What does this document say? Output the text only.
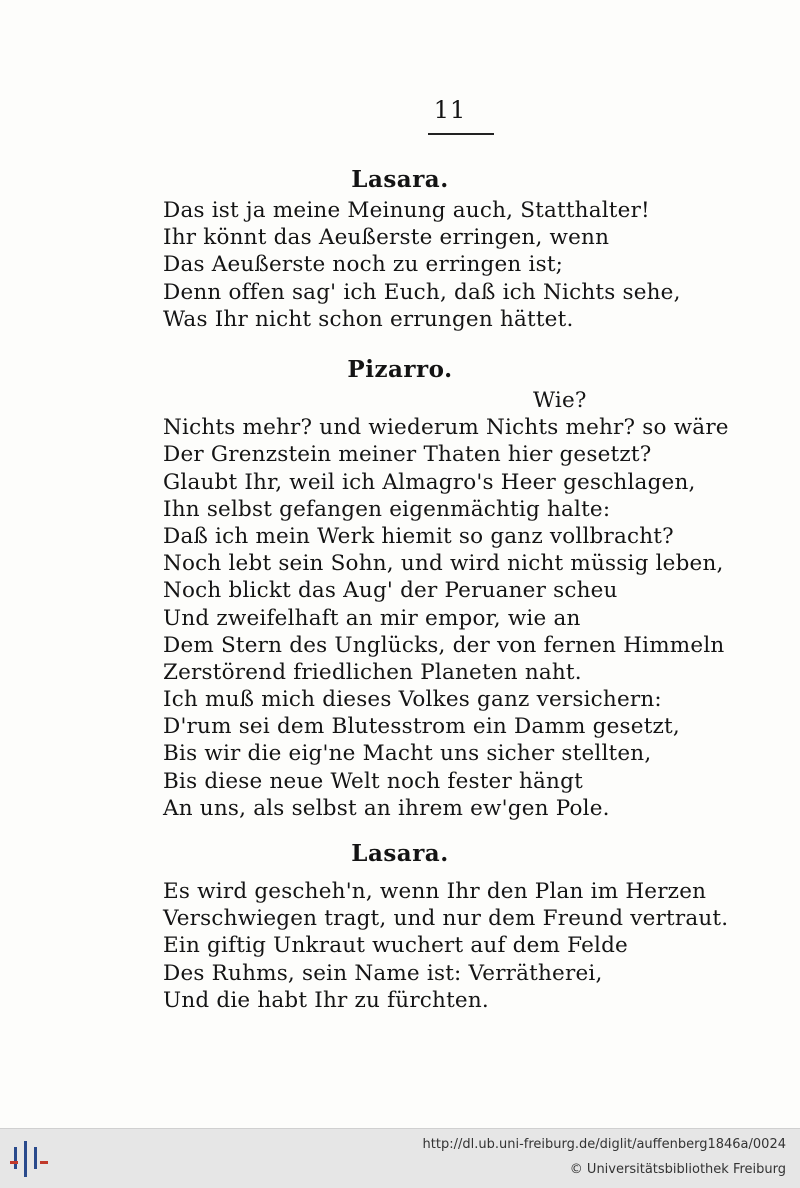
11
Lasara.
Das ist ja meine Meinung auch, Statthalter!
Ihr könnt das Aeußerste erringen, wenn
Das Aeußerste noch zu erringen ist;
Denn offen sag' ich Euch, daß ich Nichts sehe,
Was Ihr nicht schon errungen hättet.
Pizarro.
Wie?
Nichts mehr? und wiederum Nichts mehr? so wäre
Der Grenzstein meiner Thaten hier gesetzt?
Glaubt Ihr, weil ich Almagro's Heer geschlagen,
Ihn selbst gefangen eigenmächtig halte:
Daß ich mein Werk hiemit so ganz vollbracht?
Noch lebt sein Sohn, und wird nicht müssig leben,
Noch blickt das Aug' der Peruaner scheu
Und zweifelhaft an mir empor, wie an
Dem Stern des Unglücks, der von fernen Himmeln
Zerstörend friedlichen Planeten naht.
Ich muß mich dieses Volkes ganz versichern:
D'rum sei dem Blutesstrom ein Damm gesetzt,
Bis wir die eig'ne Macht uns sicher stellten,
Bis diese neue Welt noch fester hängt
An uns, als selbst an ihrem ew'gen Pole.
Lasara.
Es wird gescheh'n, wenn Ihr den Plan im Herzen
Verschwiegen tragt, und nur dem Freund vertraut.
Ein giftig Unkraut wuchert auf dem Felde
Des Ruhms, sein Name ist: Verrätherei,
Und die habt Ihr zu fürchten.
http://dl.ub.uni-freiburg.de/diglit/auffenberg1846a/0024
© Universitätsbibliothek Freiburg
